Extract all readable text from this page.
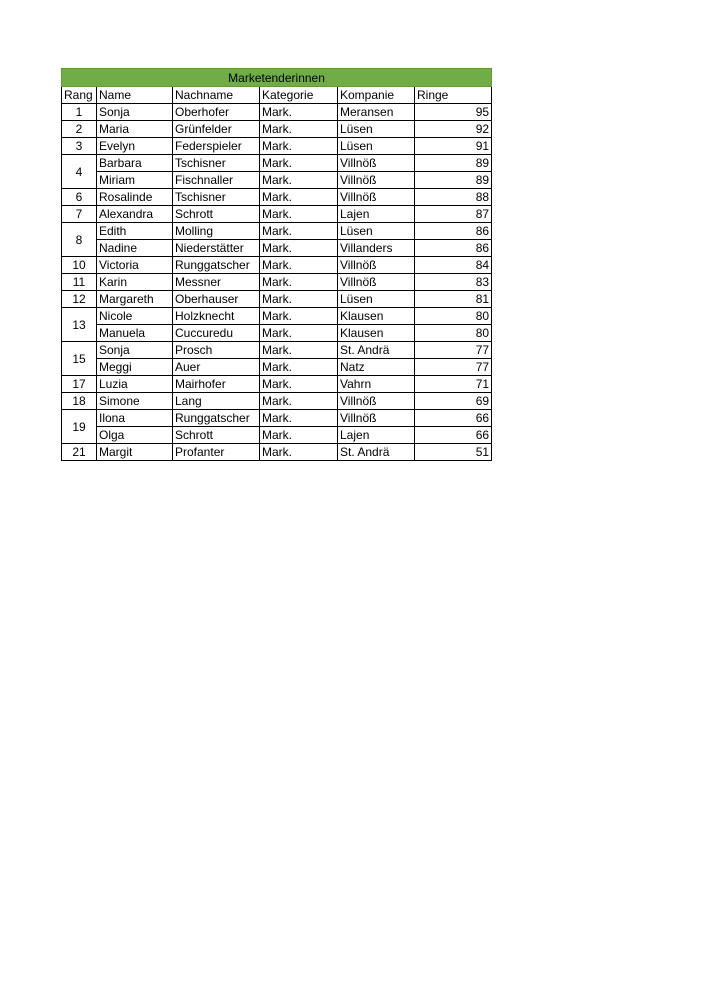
Marketenderinnen					
Rang	Name	Nachname	Kategorie	Kompanie	Ringe
1	Sonja	Oberhofer	Mark.	Meransen	95
2	Maria	Grünfelder	Mark.	Lüsen	92
3	Evelyn	Federspieler	Mark.	Lüsen	91
4	Barbara	Tschisner	Mark.	Villnöß	89
	Miriam	Fischnaller	Mark.	Villnöß	89
6	Rosalinde	Tschisner	Mark.	Villnöß	88
7	Alexandra	Schrott	Mark.	Lajen	87
8	Edith	Molling	Mark.	Lüsen	86
	Nadine	Niederstätter	Mark.	Villanders	86
10	Victoria	Runggatscher	Mark.	Villnöß	84
11	Karin	Messner	Mark.	Villnöß	83
12	Margareth	Oberhauser	Mark.	Lüsen	81
13	Nicole	Holzknecht	Mark.	Klausen	80
	Manuela	Cuccuredu	Mark.	Klausen	80
15	Sonja	Prosch	Mark.	St. Andrä	77
	Meggi	Auer	Mark.	Natz	77
17	Luzia	Mairhofer	Mark.	Vahrn	71
18	Simone	Lang	Mark.	Villnöß	69
19	Ilona	Runggatscher	Mark.	Villnöß	66
	Olga	Schrott	Mark.	Lajen	66
21	Margit	Profanter	Mark.	St. Andrä	51
